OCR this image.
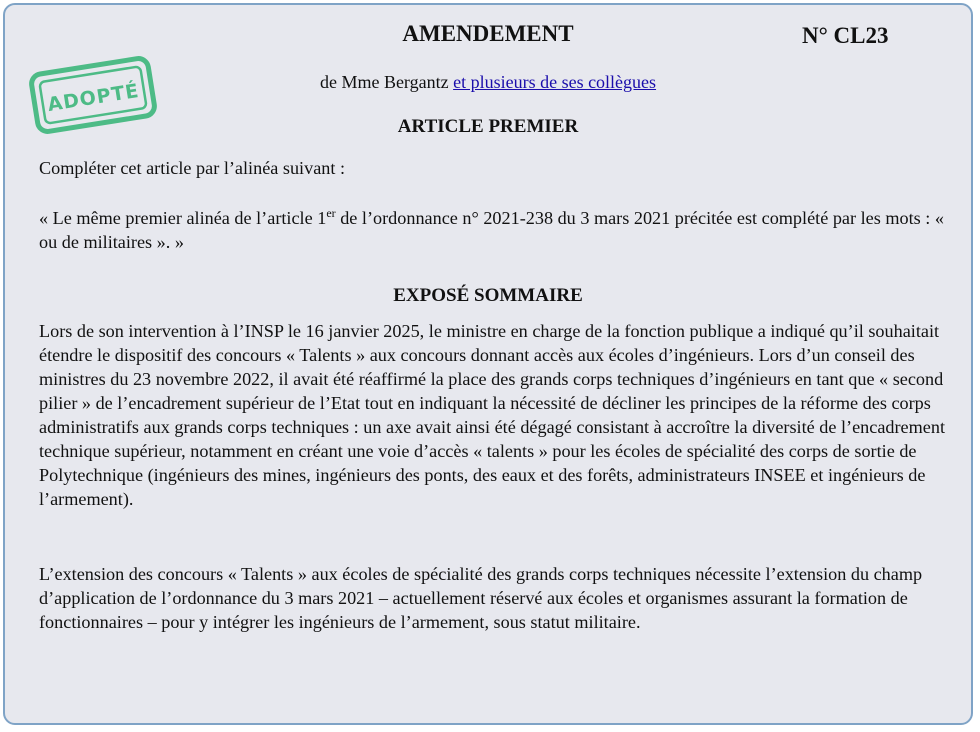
AMENDEMENT	N° CL23
ADOPTÉ	de Mme Bergantz et plusieurs de ses collègues
ARTICLE PREMIER

Compléter cet article par l’alinéa suivant :

« Le même premier alinéa de l’article 1er de l’ordonnance n° 2021-238 du 3 mars 2021 précitée est complété par les mots : « ou de militaires ». »

EXPOSÉ SOMMAIRE

Lors de son intervention à l’INSP le 16 janvier 2025, le ministre en charge de la fonction publique a indiqué qu’il souhaitait étendre le dispositif des concours « Talents » aux concours donnant accès aux écoles d’ingénieurs. Lors d’un conseil des ministres du 23 novembre 2022, il avait été réaffirmé la place des grands corps techniques d’ingénieurs en tant que « second pilier » de l’encadrement supérieur de l’Etat tout en indiquant la nécessité de décliner les principes de la réforme des corps administratifs aux grands corps techniques : un axe avait ainsi été dégagé consistant à accroître la diversité de l’encadrement technique supérieur, notamment en créant une voie d’accès « talents » pour les écoles de spécialité des corps de sortie de Polytechnique (ingénieurs des mines, ingénieurs des ponts, des eaux et des forêts, administrateurs INSEE et ingénieurs de l’armement).

L’extension des concours « Talents » aux écoles de spécialité des grands corps techniques nécessite l’extension du champ d’application de l’ordonnance du 3 mars 2021 – actuellement réservé aux écoles et organismes assurant la formation de fonctionnaires – pour y intégrer les ingénieurs de l’armement, sous statut militaire.
